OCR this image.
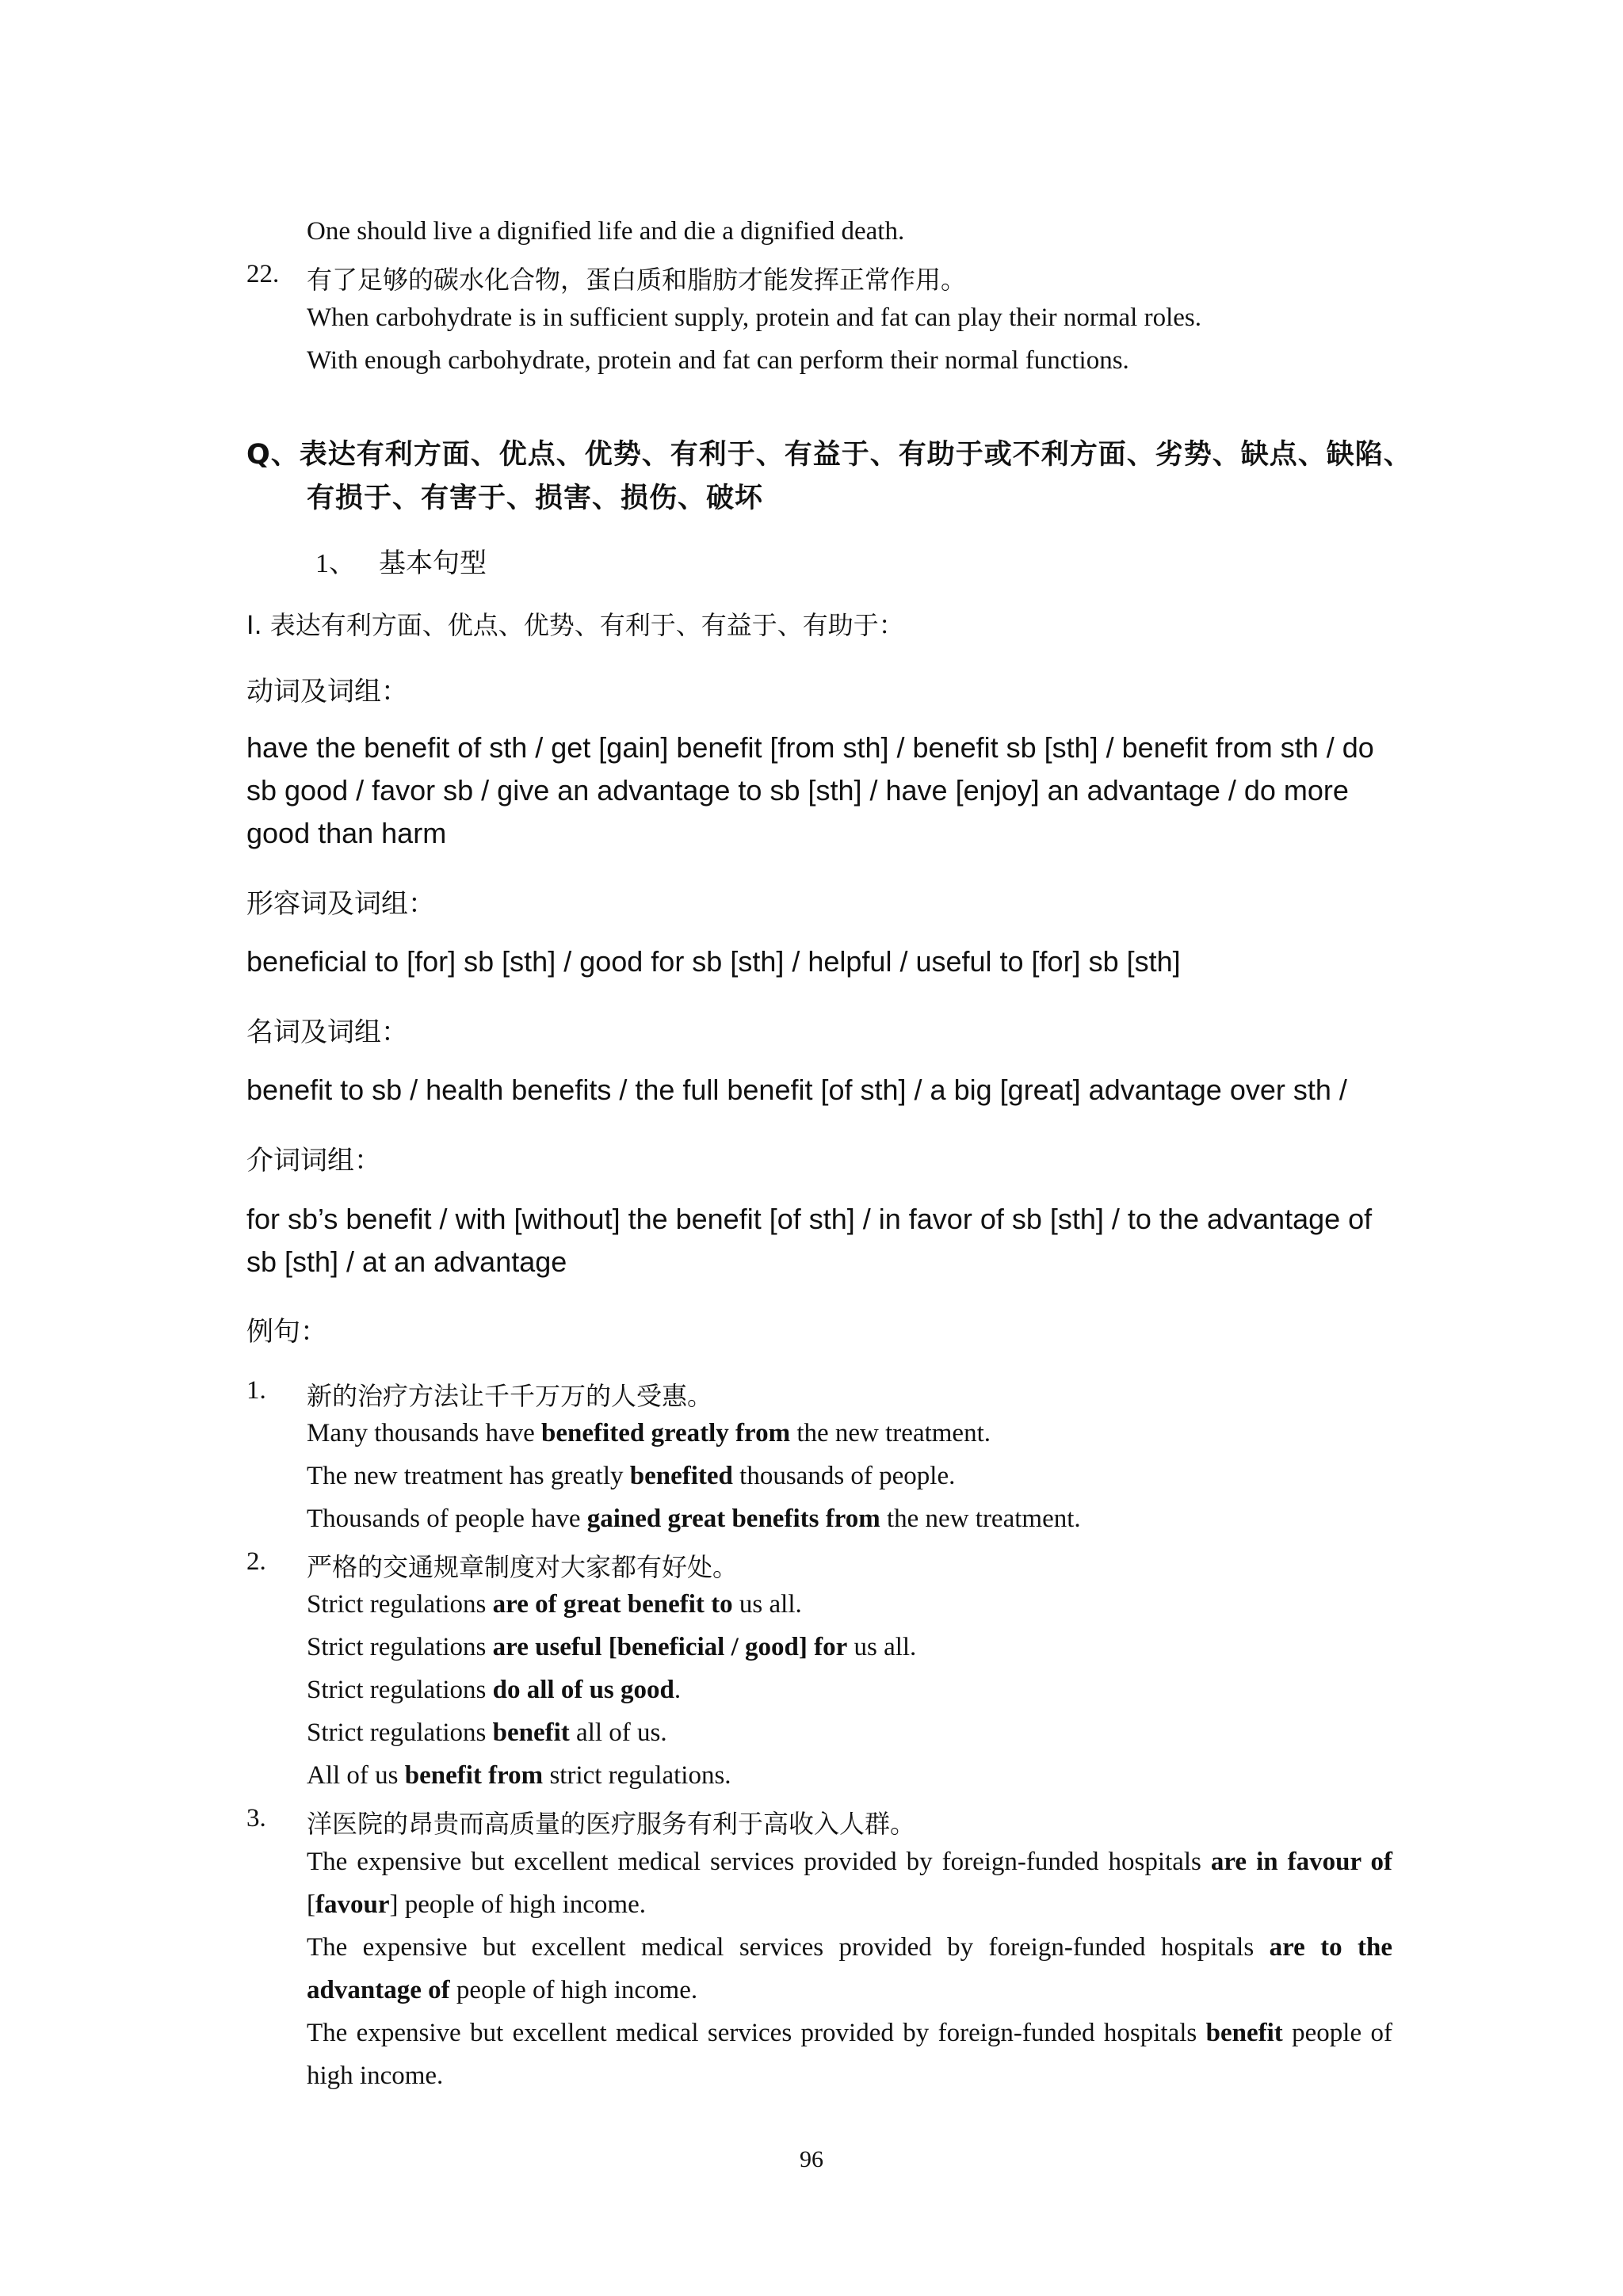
One should live a dignified life and die a dignified death.
22. 有了足够的碳水化合物，蛋白质和脂肪才能发挥正常作用。
When carbohydrate is in sufficient supply, protein and fat can play their normal roles.
With enough carbohydrate, protein and fat can perform their normal functions.
Q、表达有利方面、优点、优势、有利于、有益于、有助于或不利方面、劣势、缺点、缺陷、
有损于、有害于、损害、损伤、破坏
1、 基本句型
I. 表达有利方面、优点、优势、有利于、有益于、有助于：
动词及词组：
have the benefit of sth / get [gain] benefit [from sth] / benefit sb [sth] / benefit from sth / do sb good / favor sb / give an advantage to sb [sth] / have [enjoy] an advantage / do more good than harm
形容词及词组：
beneficial to [for] sb [sth] / good for sb [sth] / helpful / useful to [for] sb [sth]
名词及词组：
benefit to sb / health benefits / the full benefit [of sth] / a big [great] advantage over sth /
介词词组：
for sb’s benefit / with [without] the benefit [of sth] / in favor of sb [sth] / to the advantage of sb [sth] / at an advantage
例句：
1. 新的治疗方法让千千万万的人受惠。
Many thousands have benefited greatly from the new treatment.
The new treatment has greatly benefited thousands of people.
Thousands of people have gained great benefits from the new treatment.
2. 严格的交通规章制度对大家都有好处。
Strict regulations are of great benefit to us all.
Strict regulations are useful [beneficial / good] for us all.
Strict regulations do all of us good.
Strict regulations benefit all of us.
All of us benefit from strict regulations.
3. 洋医院的昂贵而高质量的医疗服务有利于高收入人群。
The expensive but excellent medical services provided by foreign-funded hospitals are in favour of [favour] people of high income.
The expensive but excellent medical services provided by foreign-funded hospitals are to the advantage of people of high income.
The expensive but excellent medical services provided by foreign-funded hospitals benefit people of high income.
96
